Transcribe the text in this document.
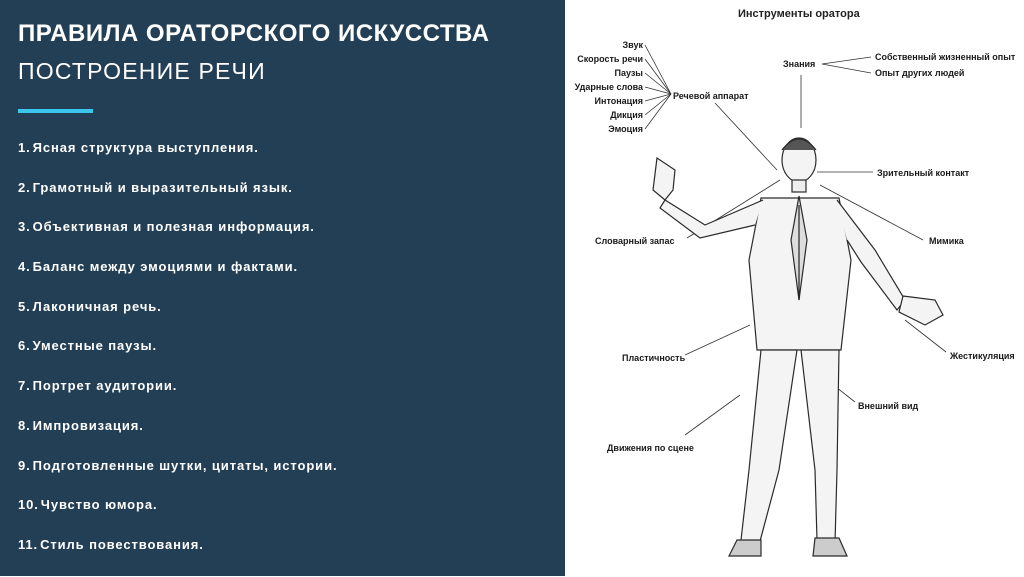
ПРАВИЛА ОРАТОРСКОГО ИСКУССТВА
ПОСТРОЕНИЕ РЕЧИ
1. Ясная структура выступления.
2. Грамотный и выразительный язык.
3. Объективная и полезная информация.
4. Баланс между эмоциями и фактами.
5. Лаконичная речь.
6. Уместные паузы.
7. Портрет аудитории.
8. Импровизация.
9. Подготовленные шутки, цитаты, истории.
10. Чувство юмора.
11. Стиль повествования.
Инструменты оратора
Звук
Скорость речи
Паузы
Ударные слова
Интонация
Дикция
Эмоция
Речевой аппарат
Знания
Собственный жизненный опыт
Опыт других людей
Зрительный контакт
Словарный запас	Мимика
Пластичность	Жестикуляция
Внешний вид
Движения по сцене
